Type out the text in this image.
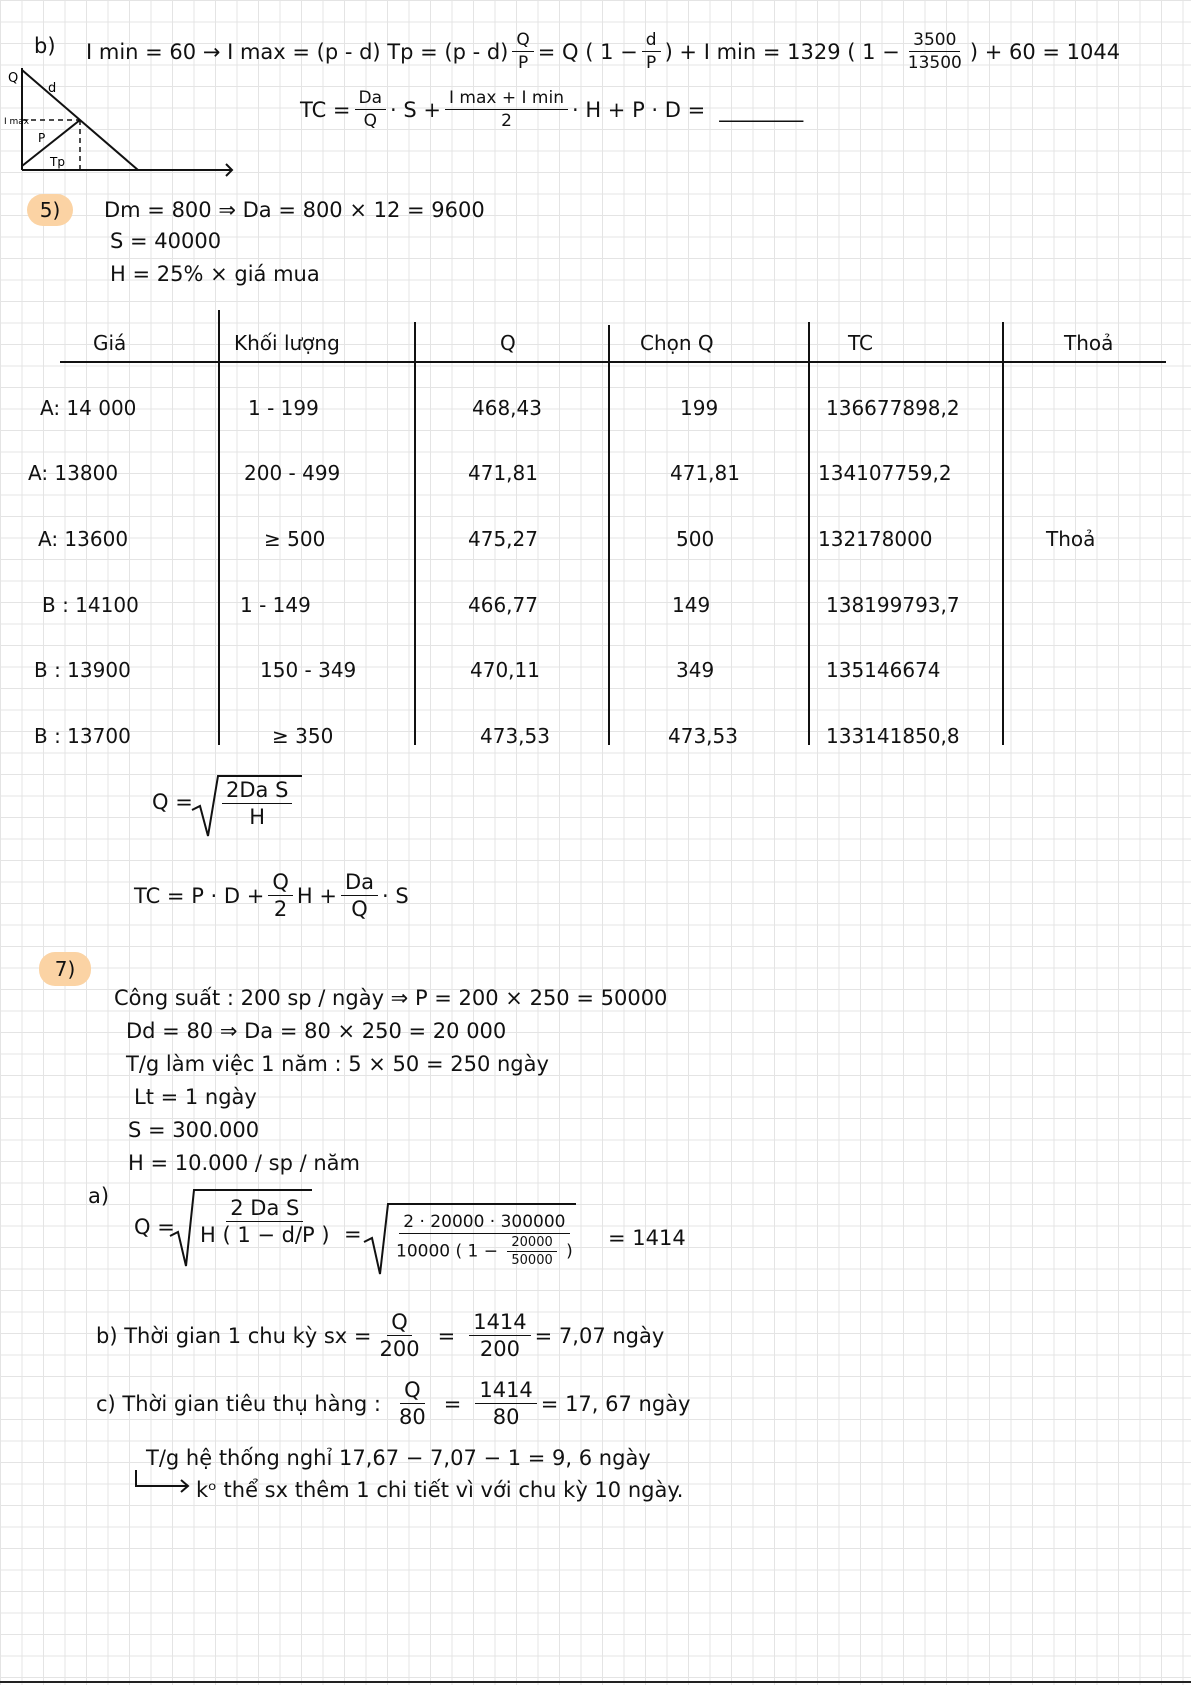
b) I min = 60 → I max = (p - d) $Tp = (p - d) \frac{Q}{P} = Q$ ( $1 - \frac{d}{P}$ ) + I min = 1329 ( $1 - \frac{3500}{13500}$ ) + 60 = 1044
Q
d
P
I max
Tp
TC = $\frac{Da}{Q} \cdot S + \frac{\text{I max + I min}}{2} \cdot H + P \cdot D$ = ________
5)	Dm = 800 ⇒ Da = 800 × 12 = 9600
S = 40000
H = 25% × giá mua
Giá	Khối lượng	Q	Chọn Q	TC	Thoả
A: 14 000	1 - 199	468,43	199	136677898,2
A: 13800	200 - 499	471,81	471,81	134107759,2
A: 13600	≥ 500	475,27	500	132178000	Thoả
B : 14100	1 - 149	466,77	149	138199793,7
B : 13900	150 - 349	470,11	349	135146674
B : 13700	≥ 350	473,53	473,53	133141850,8
$Q = \frac{\text{2Da S}}{H}$
TC = $P \cdot D + \frac{Q}{2}$ $H + \frac{Da}{Q} \cdot S$
7)
Công suất : 200 sp / ngày ⇒ P = 200 × 250 = 50000
Dd = 80 ⇒ Da = 80 × 250 = 20 000
T/g làm việc 1 năm : 5 × 50 = 250 ngày
Lt = 1 ngày
S = 300.000
H = 10.000 / sp / năm
a)
$Q = \frac{\text{2 Da S}}{H ( 1 - d/P )} = 2 \cdot 20000 \cdot 300000$
10000 ( $1 - \frac{20000}{50000}$ )
= 1414
b) Thời gian 1 chu kỳ sx = $\frac{Q}{200} = \frac{1414}{200} = 7,07$ ngày
c) Thời gian tiêu thụ hàng : $\frac{Q}{80} = \frac{1414}{80} = 17$, 67 ngày
T/g hệ thống nghỉ 17,67 − 7,07 − 1 = 9, 6 ngày
kᵒ thể sx thêm 1 chi tiết vì với chu kỳ 10 ngày.
